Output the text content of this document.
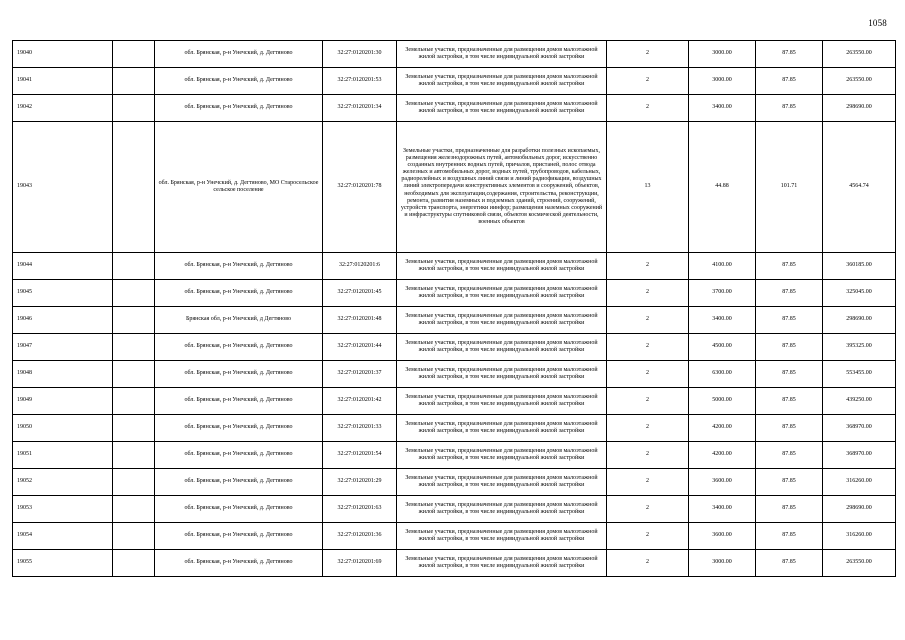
1058
19040		обл. Брянская, р-н Унечский, д. Дегтяново	32:27:0120201:30	Земельные участки, предназначенные для размещения домов малоэтажной жилой застройки, в том числе индивидуальной жилой застройки	2	3000.00	87.85	263550.00
19041		обл. Брянская, р-н Унечский, д. Дегтяново	32:27:0120201:53	Земельные участки, предназначенные для размещения домов малоэтажной жилой застройки, в том числе индивидуальной жилой застройки	2	3000.00	87.85	263550.00
19042		обл. Брянская, р-н Унечский, д. Дегтяново	32:27:0120201:34	Земельные участки, предназначенные для размещения домов малоэтажной жилой застройки, в том числе индивидуальной жилой застройки	2	3400.00	87.85	298690.00
19043		обл. Брянская, р-н Унечский, д. Дегтяново, МО Старосельское сельское поселение	32:27:0120201:78	Земельные участки, предназначенные для разработки полезных ископаемых, размещения железнодорожных путей, автомобильных дорог, искусственно созданных внутренних водных путей, причалов, пристаней, полос отвода железных и автомобильных дорог, водных путей, трубопроводов, кабельных, радиорелейных и воздушных линий связи и линий радиофикации, воздушных линий электропередачи конструктивных элементов и сооружений, объектов, необходимых для эксплуатации,содержания, строительства, реконструкции, ремонта, развития наземных и подземных зданий, строений, сооружений, устройств транспорта, энергетики иинфор; размещения наземных сооружений и инфраструктуры спутниковой связи, объектов космической деятельности, военных объектов	13	44.88	101.71	4564.74
19044		обл. Брянская, р-н Унечский, д. Дегтяново	32:27:0120201:6	Земельные участки, предназначенные для размещения домов малоэтажной жилой застройки, в том числе индивидуальной жилой застройки	2	4100.00	87.85	360185.00
19045		обл. Брянская, р-н Унечский, д. Дегтяново	32:27:0120201:45	Земельные участки, предназначенные для размещения домов малоэтажной жилой застройки, в том числе индивидуальной жилой застройки	2	3700.00	87.85	325045.00
19046		Брянская обл, р-н Унечский, д Дегтяново	32:27:0120201:48	Земельные участки, предназначенные для размещения домов малоэтажной жилой застройки, в том числе индивидуальной жилой застройки	2	3400.00	87.85	298690.00
19047		обл. Брянская, р-н Унечский, д. Дегтяново	32:27:0120201:44	Земельные участки, предназначенные для размещения домов малоэтажной жилой застройки, в том числе индивидуальной жилой застройки	2	4500.00	87.85	395325.00
19048		обл. Брянская, р-н Унечский, д. Дегтяново	32:27:0120201:37	Земельные участки, предназначенные для размещения домов малоэтажной жилой застройки, в том числе индивидуальной жилой застройки	2	6300.00	87.85	553455.00
19049		обл. Брянская, р-н Унечский, д. Дегтяново	32:27:0120201:42	Земельные участки, предназначенные для размещения домов малоэтажной жилой застройки, в том числе индивидуальной жилой застройки	2	5000.00	87.85	439250.00
19050		обл. Брянская, р-н Унечский, д. Дегтяново	32:27:0120201:33	Земельные участки, предназначенные для размещения домов малоэтажной жилой застройки, в том числе индивидуальной жилой застройки	2	4200.00	87.85	368970.00
19051		обл. Брянская, р-н Унечский, д. Дегтяново	32:27:0120201:54	Земельные участки, предназначенные для размещения домов малоэтажной жилой застройки, в том числе индивидуальной жилой застройки	2	4200.00	87.85	368970.00
19052		обл. Брянская, р-н Унечский, д. Дегтяново	32:27:0120201:29	Земельные участки, предназначенные для размещения домов малоэтажной жилой застройки, в том числе индивидуальной жилой застройки	2	3600.00	87.85	316260.00
19053		обл. Брянская, р-н Унечский, д. Дегтяново	32:27:0120201:63	Земельные участки, предназначенные для размещения домов малоэтажной жилой застройки, в том числе индивидуальной жилой застройки	2	3400.00	87.85	298690.00
19054		обл. Брянская, р-н Унечский, д. Дегтяново	32:27:0120201:36	Земельные участки, предназначенные для размещения домов малоэтажной жилой застройки, в том числе индивидуальной жилой застройки	2	3600.00	87.85	316260.00
19055		обл. Брянская, р-н Унечский, д. Дегтяново	32:27:0120201:69	Земельные участки, предназначенные для размещения домов малоэтажной жилой застройки, в том числе индивидуальной жилой застройки	2	3000.00	87.85	263550.00
